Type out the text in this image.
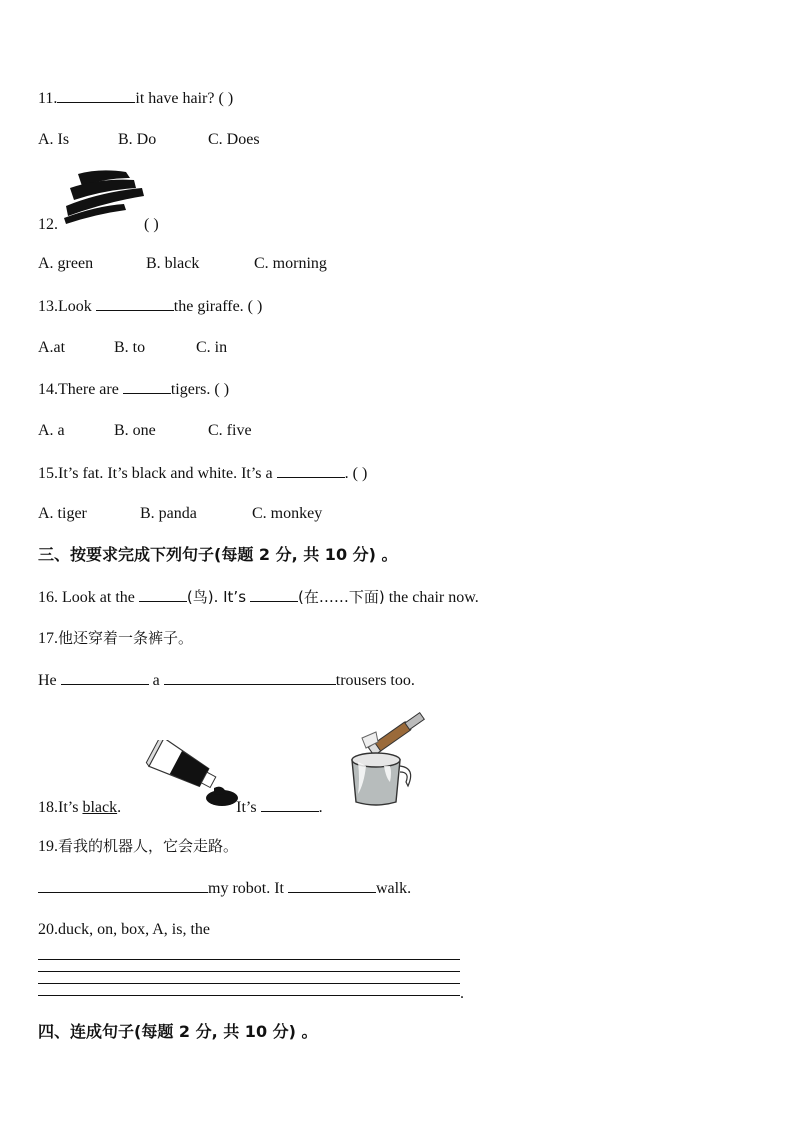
11.	it have hair? ( )
A. Is	B. Do	C. Does
12.	( )
A. green	B. black	C. morning
13.Look	the giraffe. ( )
A.at	B. to	C. in
14.There are	tigers. ( )
A. a	B. one	C. five
15.It’s fat. It’s black and white. It’s a	. ( )
A. tiger	B. panda	C. monkey
三、按要求完成下列句子(每题 2 分, 共 10 分) 。
16. Look at the	(鸟). It’s	(在……下面) the chair now.
17.他还穿着一条裤子。
He	a	trousers too.
18.It’s black.	It’s	.
19.看我的机器人，它会走路。
my robot. It	walk.
20.duck, on, box, A, is, the
.
四、连成句子(每题 2 分, 共 10 分) 。
